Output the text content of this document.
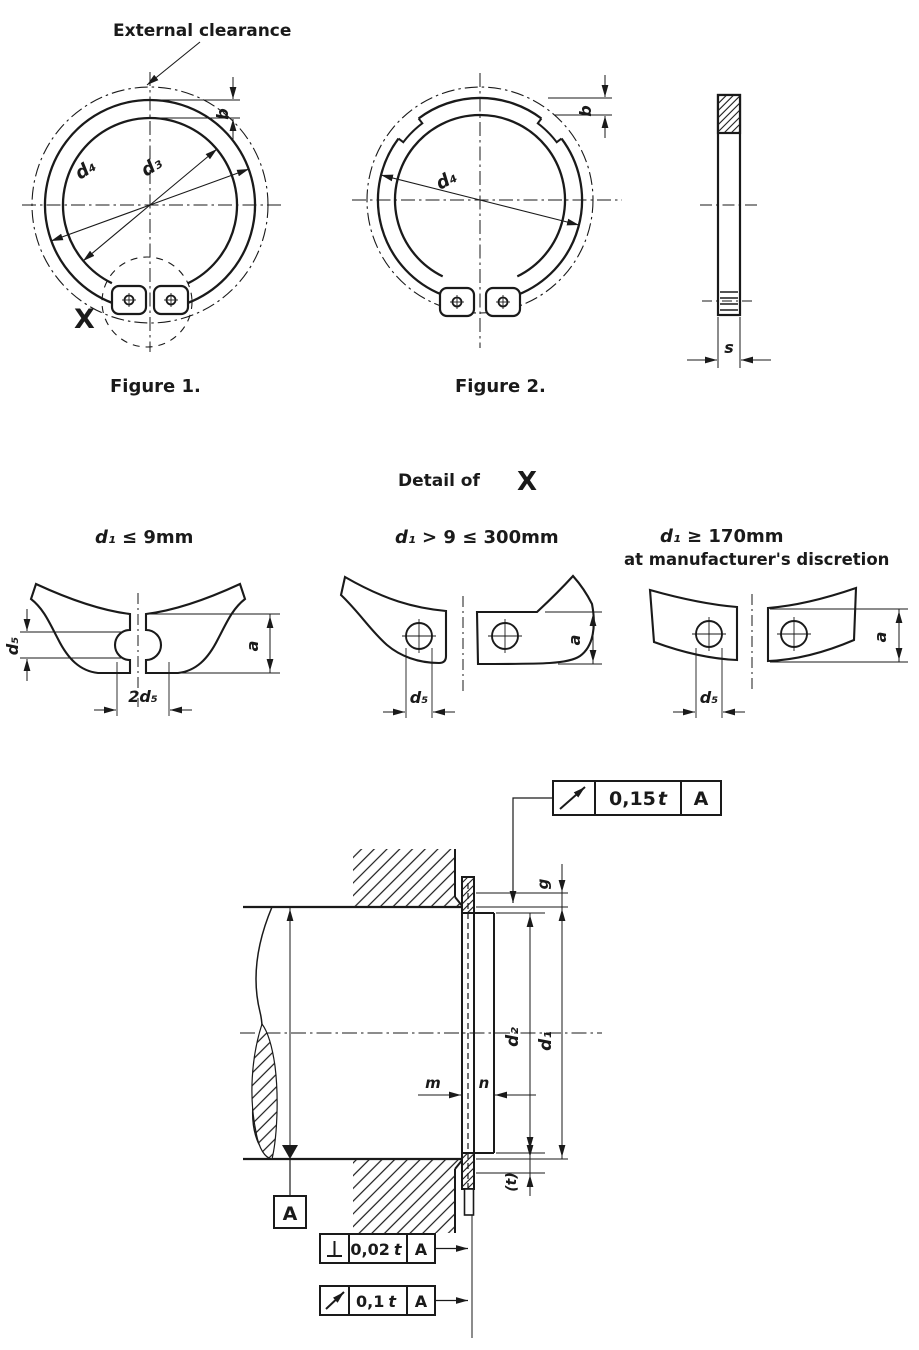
External clearance
d₄ d₃
b
X
Figure 1.
d₄
b
Figure 2.
s
Detail of X
d₁ ≤ 9mm
d₅
2d₅
a
d₁ > 9 ≤ 300mm
d₅
a
d₁ ≥ 170mm
at manufacturer's discretion
d₅
a
A
g
d₂ d₁
m	n
(t)
0,15 t A
0,02 t A
0,1 t A
